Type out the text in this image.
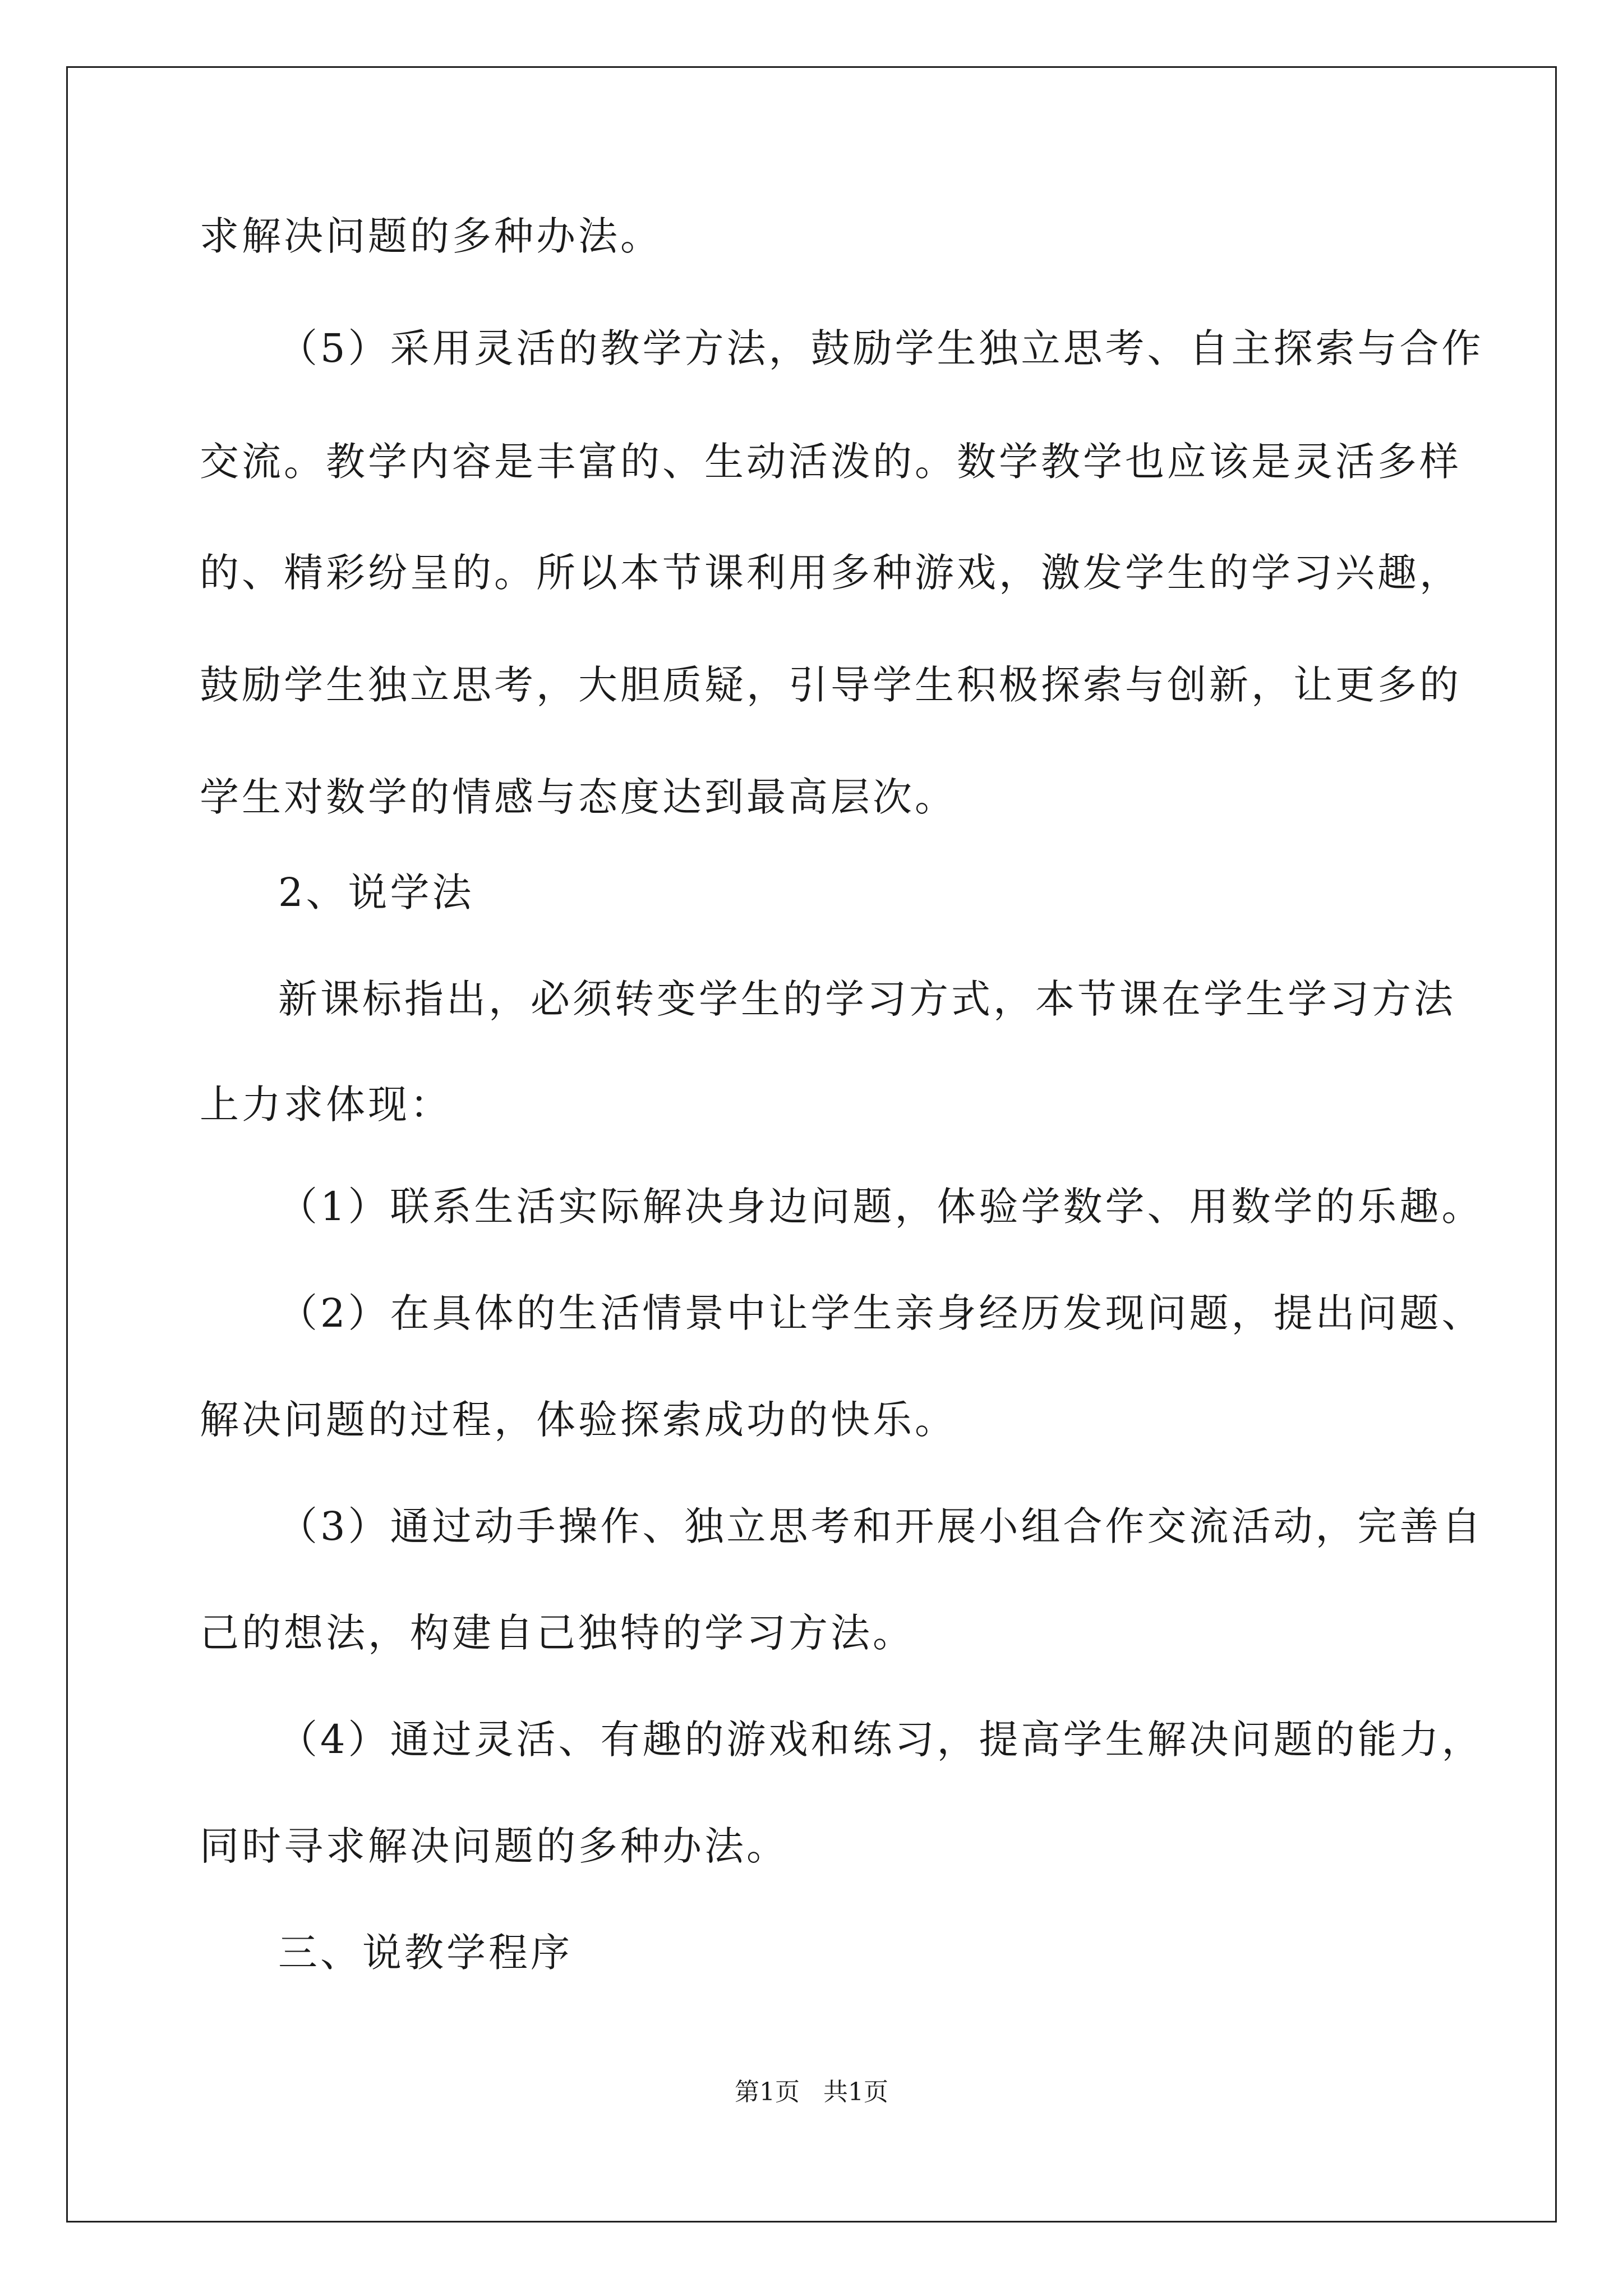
求解决问题的多种办法。
（5）采用灵活的教学方法，鼓励学生独立思考、自主探索与合作
交流。教学内容是丰富的、生动活泼的。数学教学也应该是灵活多样
的、精彩纷呈的。所以本节课利用多种游戏，激发学生的学习兴趣，
鼓励学生独立思考，大胆质疑，引导学生积极探索与创新，让更多的
学生对数学的情感与态度达到最高层次。
2、说学法
新课标指出，必须转变学生的学习方式，本节课在学生学习方法
上力求体现：
（1）联系生活实际解决身边问题，体验学数学、用数学的乐趣。
（2）在具体的生活情景中让学生亲身经历发现问题，提出问题、
解决问题的过程，体验探索成功的快乐。
（3）通过动手操作、独立思考和开展小组合作交流活动，完善自
己的想法，构建自己独特的学习方法。
（4）通过灵活、有趣的游戏和练习，提高学生解决问题的能力，
同时寻求解决问题的多种办法。
三、说教学程序
第1页   共1页
